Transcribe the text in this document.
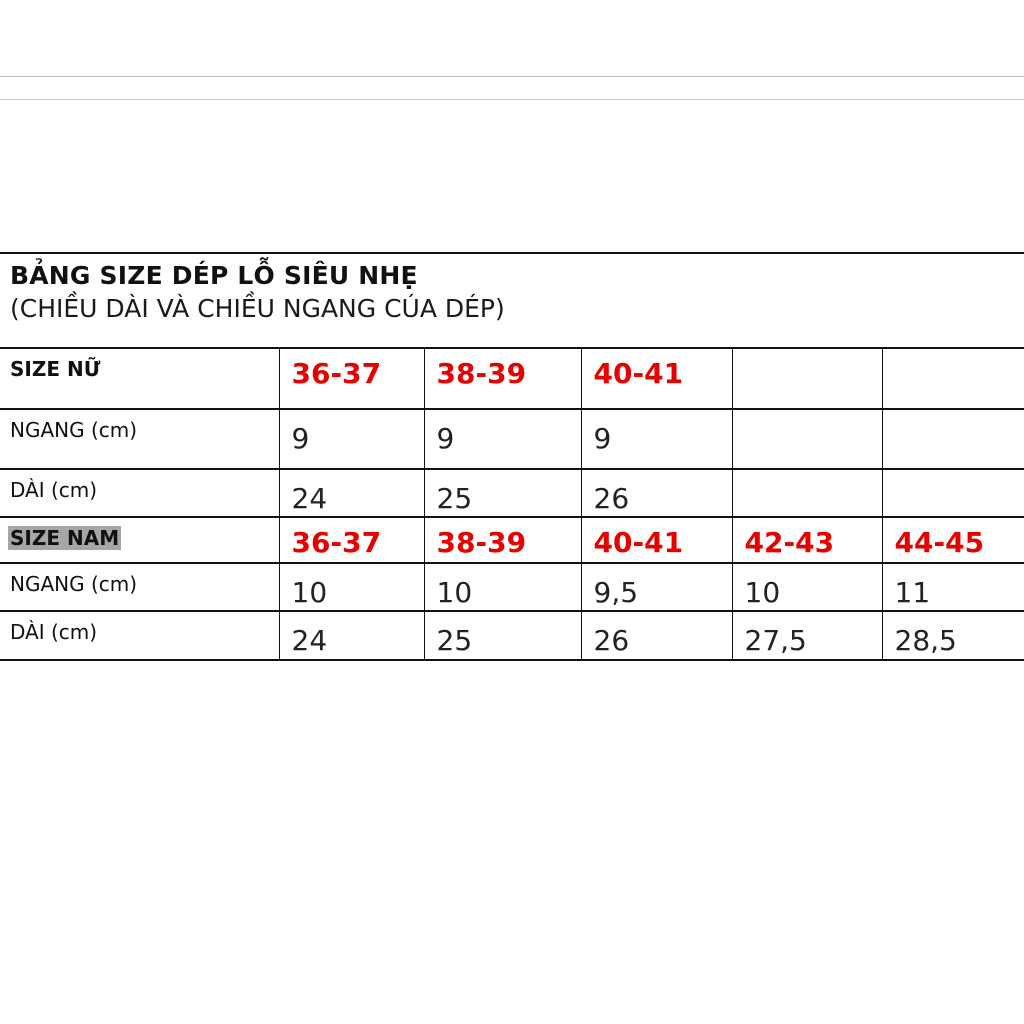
BẢNG SIZE DÉP LỖ SIÊU NHẸ
(CHIỀU DÀI VÀ CHIỀU NGANG CÚA DÉP)
SIZE NỮ	36-37	38-39	40-41		
NGANG (cm)	9	9	9		
DÀI (cm)	24	25	26		
SIZE NAM	36-37	38-39	40-41	42-43	44-45
NGANG (cm)	10	10	9,5	10	11
DÀI (cm)	24	25	26	27,5	28,5
